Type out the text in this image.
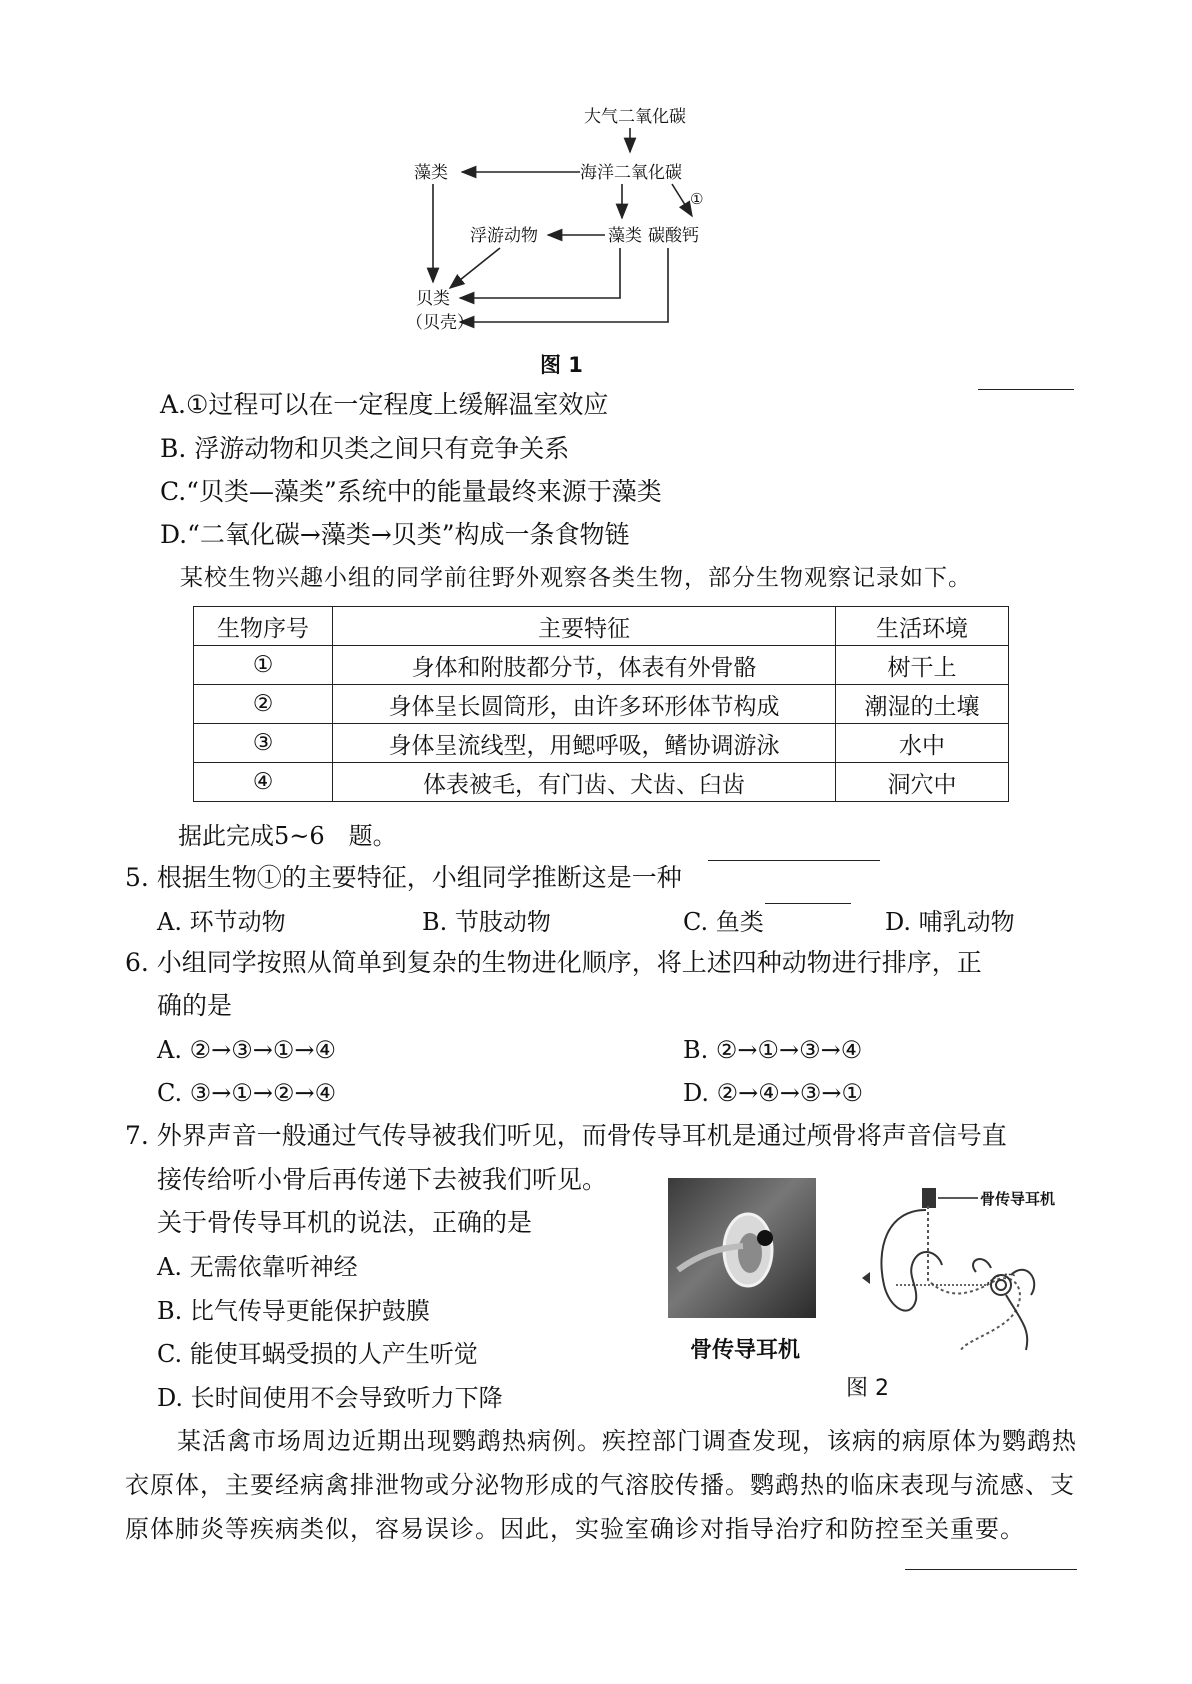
大气二氧化碳
海洋二氧化碳
藻类
浮游动物	藻类 碳酸钙
贝类
（贝壳）
①
图 1
A.①过程可以在一定程度上缓解温室效应
B. 浮游动物和贝类之间只有竞争关系
C.“贝类—藻类”系统中的能量最终来源于藻类
D.“二氧化碳→藻类→贝类”构成一条食物链
某校生物兴趣小组的同学前往野外观察各类生物，部分生物观察记录如下。
生物序号	主要特征	生活环境
①	身体和附肢都分节，体表有外骨骼	树干上
②	身体呈长圆筒形，由许多环形体节构成	潮湿的土壤
③	身体呈流线型，用鳃呼吸，鳍协调游泳	水中
④	体表被毛，有门齿、犬齿、臼齿	洞穴中
据此完成5~6　题。
5. 根据生物①的主要特征，小组同学推断这是一种
A. 环节动物	B. 节肢动物	C. 鱼类	D. 哺乳动物
6. 小组同学按照从简单到复杂的生物进化顺序，将上述四种动物进行排序，正
确的是
A. ②→③→①→④	B. ②→①→③→④
C. ③→①→②→④	D. ②→④→③→①
7. 外界声音一般通过气传导被我们听见，而骨传导耳机是通过颅骨将声音信号直
接传给听小骨后再传递下去被我们听见。
关于骨传导耳机的说法，正确的是
A. 无需依靠听神经
B. 比气传导更能保护鼓膜
C. 能使耳蜗受损的人产生听觉
D. 长时间使用不会导致听力下降
骨传导耳机
骨传导耳机
图 2
某活禽市场周边近期出现鹦鹉热病例。疾控部门调查发现，该病的病原体为鹦鹉热衣原体，主要经病禽排泄物或分泌物形成的气溶胶传播。鹦鹉热的临床表现与流感、支原体肺炎等疾病类似，容易误诊。因此，实验室确诊对指导治疗和防控至关重要。
